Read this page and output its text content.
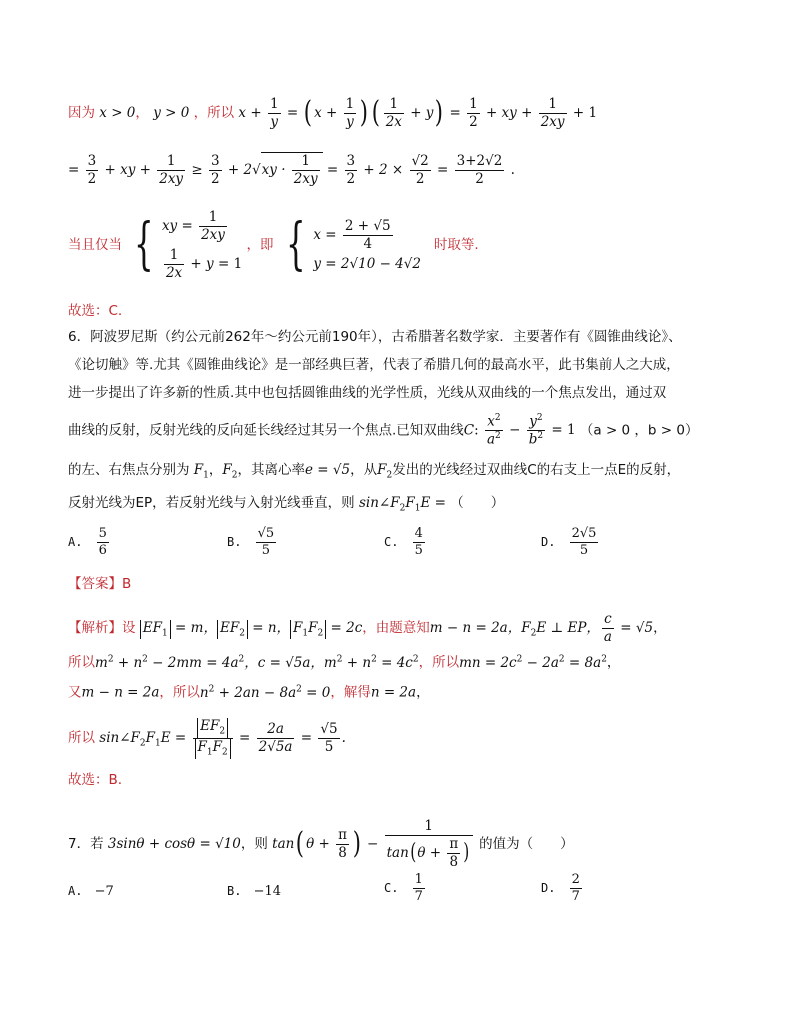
因为 x > 0， y > 0 ，所以 $x + \frac{1}{y}$ = ( $x + \frac{1}{y}$ ) ( $\frac{1}{2x} + y) = \frac{1}{2}$ + xy + $\frac{1}{2xy} + 1$
= $\frac{3}{2}$ + xy + $\frac{1}{2xy} \ge \frac{3}{2} + 2√xy \cdot \frac{1}{2xy} = \frac{3}{2} + 2 \times \frac{√2}{2} = \frac{3+2√2}{2}$ .
当且仅当 { xy = $\frac{1}{2xy}$
$\frac{1}{2x} + y = 1$
，即 { $x = \frac{2 + √5}{4}$
y = 2√10 − 4√2
时取等.
故选：C.
6．阿波罗尼斯（约公元前262年～约公元前190年），古希腊著名数学家．主要著作有《圆锥曲线论》、
《论切触》等.尤其《圆锥曲线论》是一部经典巨著，代表了希腊几何的最高水平，此书集前人之大成，
进一步提出了许多新的性质.其中也包括圆锥曲线的光学性质，光线从双曲线的一个焦点发出，通过双
曲线的反射，反射光线的反向延长线经过其另一个焦点.已知双曲线C: $\frac{x^2}{a^2} - \frac{y^2}{b^2} = 1$ （a > 0 ，b > 0）
的左、右焦点分别为 $F_1$，$F_2$，其离心率e = √5，从$F_2$发出的光线经过双曲线C的右支上一点E的反射，
反射光线为EP，若反射光线与入射光线垂直，则 $\sin\angle F_2F_1E$ = （　　）
A. $\frac{5}{6}$	B. $\frac{√5}{5}$	C. $\frac{4}{5}$	D. $\frac{2√5}{5}$
【答案】B
【解析】设 $EF_1 = m$， $EF_2 = n$， $F_1F_2 = 2c$，由题意知m − n = 2a，$F_2E$ ⊥ EP， $\frac{c}{a} = √5$，
所以$m^2 + n^2 - 2mm = 4a^2$，c = √5a，$m^2 + n^2 = 4c^2$，所以mn = $2c^2 - 2a^2 = 8a^2$，
又m − n = 2a，所以$n^2 + 2an - 8a^2 = 0$，解得n = 2a，
所以 $\sin\angle F_2F_1E = \frac{EF_2}{F_1F_2} = \frac{2a}{2√5a} = \frac{√5}{5}$ .
故选：B.
7．若 3sinθ + cosθ = √10，则 tan( $\theta + \frac{\pi}{8}$ ) − $\frac{1}{\tan(\theta + \frac{\pi}{8} )}$ 的值为（　　）
A. −7	B. −14	C. $\frac{1}{7}$	D. $\frac{2}{7}$
